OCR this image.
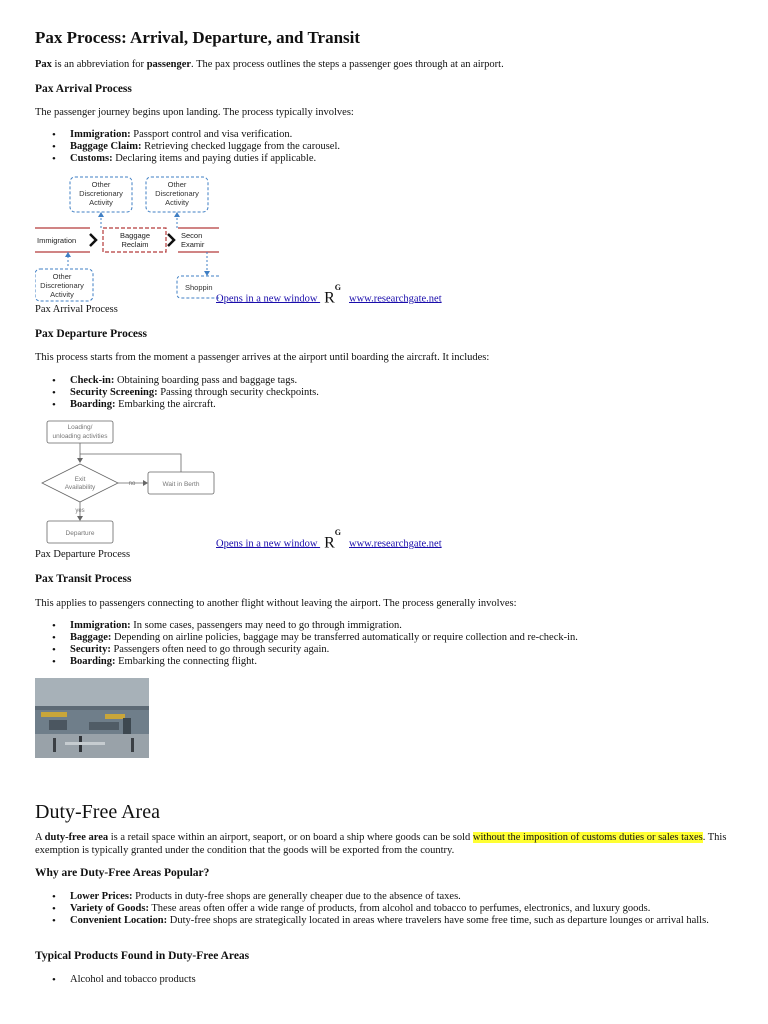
Pax Process: Arrival, Departure, and Transit

Pax is an abbreviation for passenger. The pax process outlines the steps a passenger goes through at an airport.

Pax Arrival Process

The passenger journey begins upon landing. The process typically involves:

• Immigration: Passport control and visa verification.
• Baggage Claim: Retrieving checked luggage from the carousel.
• Customs: Declaring items and paying duties if applicable.
Other
Discretionary
Activity
Other
Discretionary
Activity
Immigration
Baggage
Reclaim
Secon
Examir
Other
Discretionary
Activity
Shoppin
Pax Arrival Process
Opens in a new window $R^Gwww.researchgate.net$
Pax Departure Process

This process starts from the moment a passenger arrives at the airport until boarding the aircraft. It includes:

• Check-in: Obtaining boarding pass and baggage tags.
• Security Screening: Passing through security checkpoints.
• Boarding: Embarking the aircraft.
Loading/
unloading activities
Exit
Availability	no	Wait in Berth
yes
Departure
Pax Departure Process
Opens in a new window $R^Gwww.researchgate.net$
Pax Transit Process

This applies to passengers connecting to another flight without leaving the airport. The process generally involves:

• Immigration: In some cases, passengers may need to go through immigration.
• Baggage: Depending on airline policies, baggage may be transferred automatically or require collection and re-check-in.
• Security: Passengers often need to go through security again.
• Boarding: Embarking the connecting flight.
Duty-Free Area

A duty-free area is a retail space within an airport, seaport, or on board a ship where goods can be sold without the imposition of customs duties or sales taxes. This exemption is typically granted under the condition that the goods will be exported from the country.

Why are Duty-Free Areas Popular?
• Lower Prices: Products in duty-free shops are generally cheaper due to the absence of taxes.
• Variety of Goods: These areas often offer a wide range of products, from alcohol and tobacco to perfumes, electronics, and luxury goods.
• Convenient Location: Duty-free shops are strategically located in areas where travelers have some free time, such as departure lounges or arrival halls.
Typical Products Found in Duty-Free Areas
• Alcohol and tobacco products
